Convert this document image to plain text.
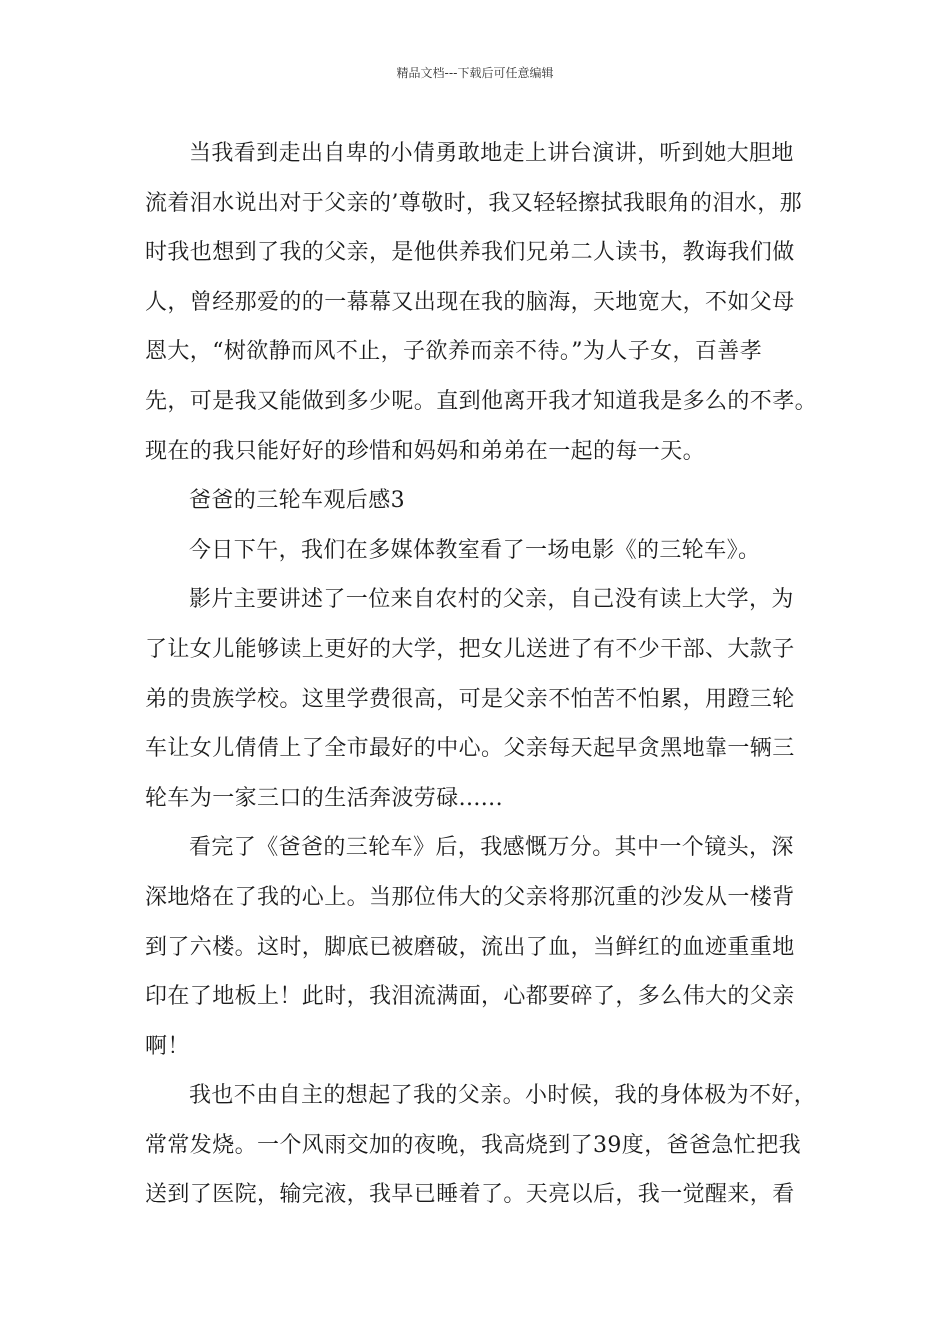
精品文档---下载后可任意编辑
当我看到走出自卑的小倩勇敢地走上讲台演讲，听到她大胆地
流着泪水说出对于父亲的’尊敬时，我又轻轻擦拭我眼角的泪水，那
时我也想到了我的父亲，是他供养我们兄弟二人读书，教诲我们做
人，曾经那爱的的一幕幕又出现在我的脑海，天地宽大，不如父母
恩大，“树欲静而风不止，子欲养而亲不待。”为人子女，百善孝
先，可是我又能做到多少呢。直到他离开我才知道我是多么的不孝。
现在的我只能好好的珍惜和妈妈和弟弟在一起的每一天。
爸爸的三轮车观后感3
今日下午，我们在多媒体教室看了一场电影《的三轮车》。
影片主要讲述了一位来自农村的父亲，自己没有读上大学，为
了让女儿能够读上更好的大学，把女儿送进了有不少干部、大款子
弟的贵族学校。这里学费很高，可是父亲不怕苦不怕累，用蹬三轮
车让女儿倩倩上了全市最好的中心。父亲每天起早贪黑地靠一辆三
轮车为一家三口的生活奔波劳碌......
看完了《爸爸的三轮车》后，我感慨万分。其中一个镜头，深
深地烙在了我的心上。当那位伟大的父亲将那沉重的沙发从一楼背
到了六楼。这时，脚底已被磨破，流出了血，当鲜红的血迹重重地
印在了地板上！此时，我泪流满面，心都要碎了，多么伟大的父亲
啊！
我也不由自主的想起了我的父亲。小时候，我的身体极为不好，
常常发烧。一个风雨交加的夜晚，我高烧到了39度，爸爸急忙把我
送到了医院，输完液，我早已睡着了。天亮以后，我一觉醒来，看
